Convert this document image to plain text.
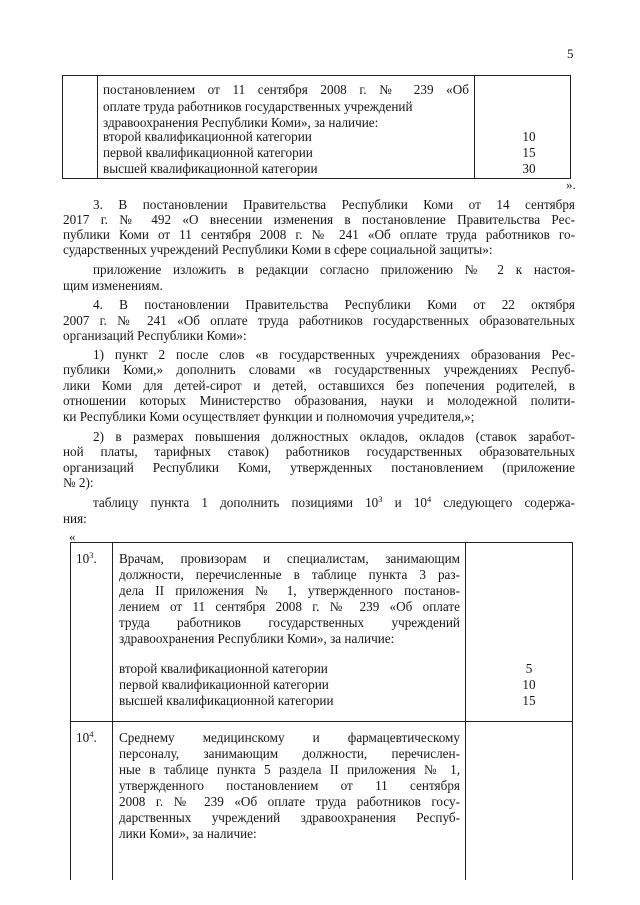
5
постановлением от 11 сентября 2008 г. № 239 «Об
оплате труда работников государственных учреждений
здравоохранения Республики Коми», за наличие:
второй квалификационной категории	10
первой квалификационной категории	15
высшей квалификационной категории	30
».
3. В постановлении Правительства Республики Коми от 14 сентября
2017 г. № 492 «О внесении изменения в постановление Правительства Рес-
публики Коми от 11 сентября 2008 г. № 241 «Об оплате труда работников го-
сударственных учреждений Республики Коми в сфере социальной защиты»:
приложение изложить в редакции согласно приложению № 2 к настоя-
щим изменениям.
4. В постановлении Правительства Республики Коми от 22 октября
2007 г. № 241 «Об оплате труда работников государственных образовательных
организаций Республики Коми»:
1) пункт 2 после слов «в государственных учреждениях образования Рес-
публики Коми,» дополнить словами «в государственных учреждениях Респуб-
лики Коми для детей-сирот и детей, оставшихся без попечения родителей, в
отношении которых Министерство образования, науки и молодежной полити-
ки Республики Коми осуществляет функции и полномочия учредителя,»;
2) в размерах повышения должностных окладов, окладов (ставок заработ-
ной платы, тарифных ставок) работников государственных образовательных
организаций Республики Коми, утвержденных постановлением (приложение
№ 2):
таблицу пункта 1 дополнить позициями $10^3$ и $10^4$ следующего содержа-
ния:
«
$10^3$. Врачам, провизорам и специалистам, занимающим
должности, перечисленные в таблице пункта 3 раз-
дела II приложения № 1, утвержденного постанов-
лением от 11 сентября 2008 г. № 239 «Об оплате
труда работников государственных учреждений
здравоохранения Республики Коми», за наличие:
второй квалификационной категории	5
первой квалификационной категории	10
высшей квалификационной категории	15
$10^4$. Среднему медицинскому и фармацевтическому
персоналу, занимающим должности, перечислен-
ные в таблице пункта 5 раздела II приложения № 1,
утвержденного постановлением от 11 сентября
2008 г. № 239 «Об оплате труда работников госу-
дарственных учреждений здравоохранения Респуб-
лики Коми», за наличие:
